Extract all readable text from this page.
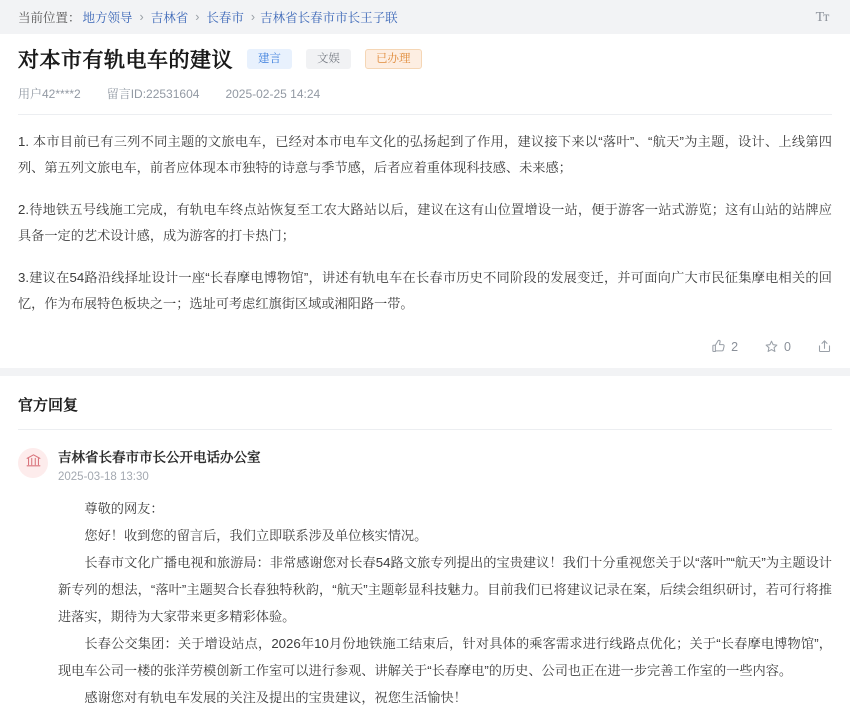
当前位置： 地方领导 › 吉林省 › 长春市 › 吉林省长春市市长王子联	Tт
对本市有轨电车的建议	建言	文娱	已办理
用户42****2 留言ID:22531604 2025-02-25 14:24

1. 本市目前已有三列不同主题的文旅电车，已经对本市电车文化的弘扬起到了作用，建议接下来以“落叶”、“航天”为主题，设计、上线第四列、第五列文旅电车，前者应体现本市独特的诗意与季节感，后者应着重体现科技感、未来感；

2.待地铁五号线施工完成，有轨电车终点站恢复至工农大路站以后，建议在这有山位置增设一站，便于游客一站式游览；这有山站的站牌应具备一定的艺术设计感，成为游客的打卡热门；

3.建议在54路沿线择址设计一座“长春摩电博物馆”，讲述有轨电车在长春市历史不同阶段的发展变迁，并可面向广大市民征集摩电相关的回忆，作为布展特色板块之一；选址可考虑红旗街区域或湘阳路一带。

2	0
官方回复
吉林省长春市市长公开电话办公室
2025-03-18 13:30

尊敬的网友：

您好！收到您的留言后，我们立即联系涉及单位核实情况。

长春市文化广播电视和旅游局：非常感谢您对长春54路文旅专列提出的宝贵建议！我们十分重视您关于以“落叶”“航天”为主题设计新专列的想法，“落叶”主题契合长春独特秋韵，“航天”主题彰显科技魅力。目前我们已将建议记录在案，后续会组织研讨，若可行将推进落实，期待为大家带来更多精彩体验。

长春公交集团：关于增设站点，2026年10月份地铁施工结束后，针对具体的乘客需求进行线路点优化；关于“长春摩电博物馆”，现电车公司一楼的张洋劳模创新工作室可以进行参观、讲解关于“长春摩电”的历史、公司也正在进一步完善工作室的一些内容。

感谢您对有轨电车发展的关注及提出的宝贵建议，祝您生活愉快！
